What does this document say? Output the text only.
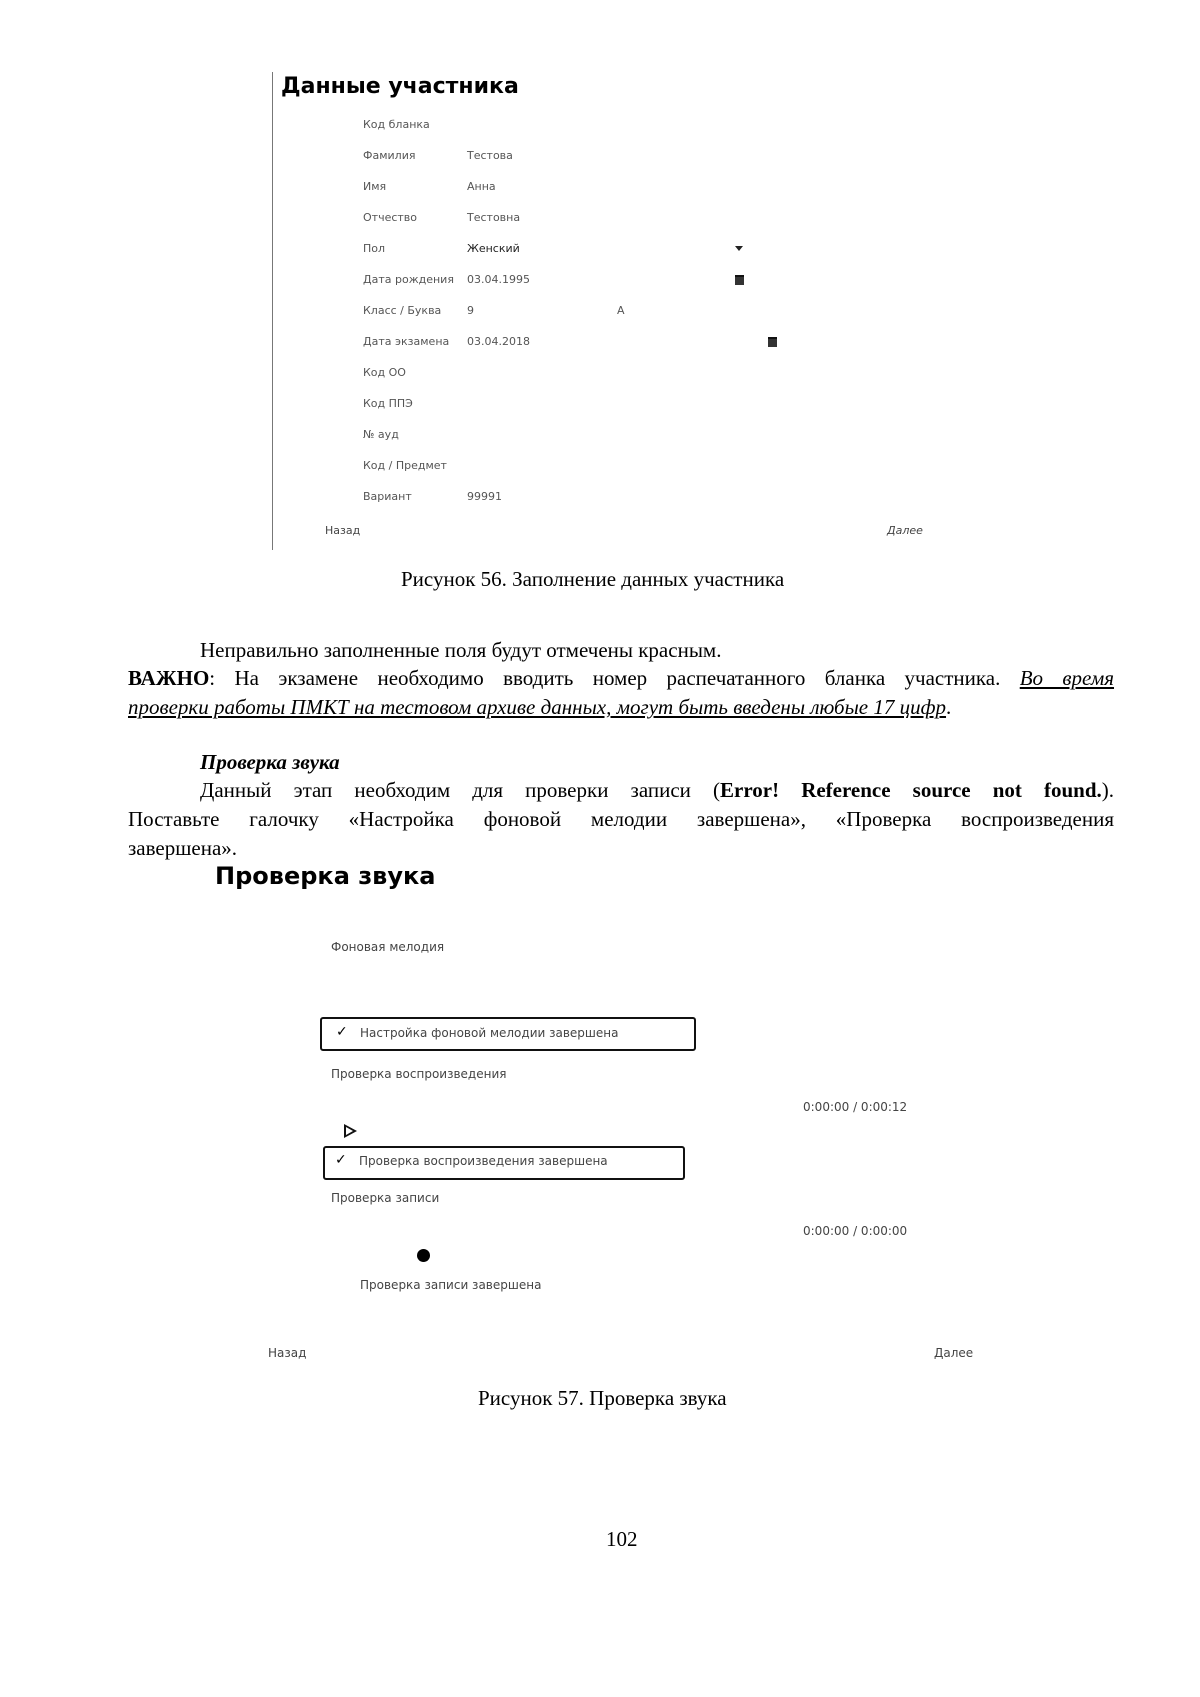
Данные участника
Код бланка
Фамилия	Тестова
Имя	Анна
Отчество	Тестовна
Пол	Женский
Дата рождения 03.04.1995
Класс / Буква 9	А
Дата экзамена 03.04.2018
Код ОО
Код ППЭ
№ ауд
Код / Предмет
Вариант	99991
Назад	Далее
Рисунок 56. Заполнение данных участника
Неправильно заполненные поля будут отмечены красным.
ВАЖНО: На экзамене необходимо вводить номер распечатанного бланка участника. Во время
проверки работы ПМКТ на тестовом архиве данных, могут быть введены любые 17 цифр.
Проверка звука
Данный этап необходим для проверки записи (Error! Reference source not found.).
Поставьте галочку «Настройка фоновой мелодии завершена», «Проверка воспроизведения
завершена».
Проверка звука
Фоновая мелодия
✓ Настройка фоновой мелодии завершена
Проверка воспроизведения
0:00:00 / 0:00:12
✓ Проверка воспроизведения завершена
Проверка записи
0:00:00 / 0:00:00
Проверка записи завершена
Назад	Далее
Рисунок 57. Проверка звука
102
